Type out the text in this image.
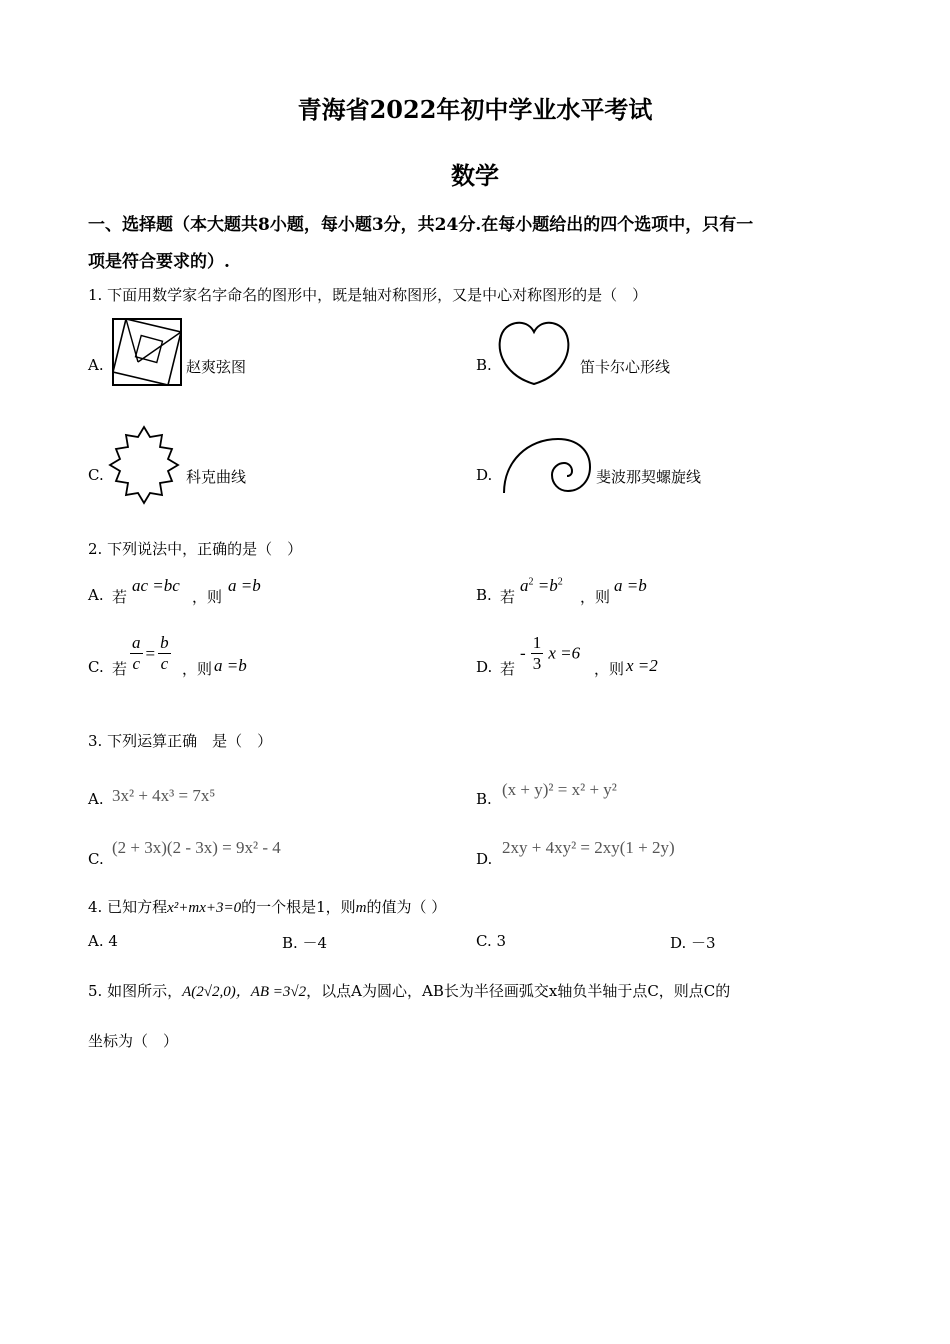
青海省2022年初中学业水平考试
数学
一、选择题（本大题共8小题，每小题3分，共24分.在每小题给出的四个选项中，只有一
项是符合要求的）.
1. 下面用数学家名字命名的图形中，既是轴对称图形，又是中心对称图形的是（　）
A.	赵爽弦图	B.	笛卡尔心形线
C.	科克曲线	D.	斐波那契螺旋线
2. 下列说法中，正确的是（　）
A. 若
ac =bc
，则
a =b	B. 若
$a^2 =b^2$
，则
a =b
C. 若 $\frac{a}{c} = \frac{b}{c}$ ，则 a =b	D. 若
- $\frac{1}{3}$ x =6
，则 x =2
3. 下列运算正确　是（　）
A. 3x² + 4x³ = 7x⁵	B. (x + y)² = x² + y²
C.
(2 + 3x)(2 - 3x) = 9x² - 4
D.
2xy + 4xy² = 2xy(1 + 2y)
4. 已知方程x²+mx+3=0的一个根是1，则m的值为（ ）
A. 4	B. －4	C. 3	D. －3
5. 如图所示，A(2√2,0)，AB =3√2，以点A为圆心，AB长为半径画弧交x轴负半轴于点C，则点C的
坐标为（　）
